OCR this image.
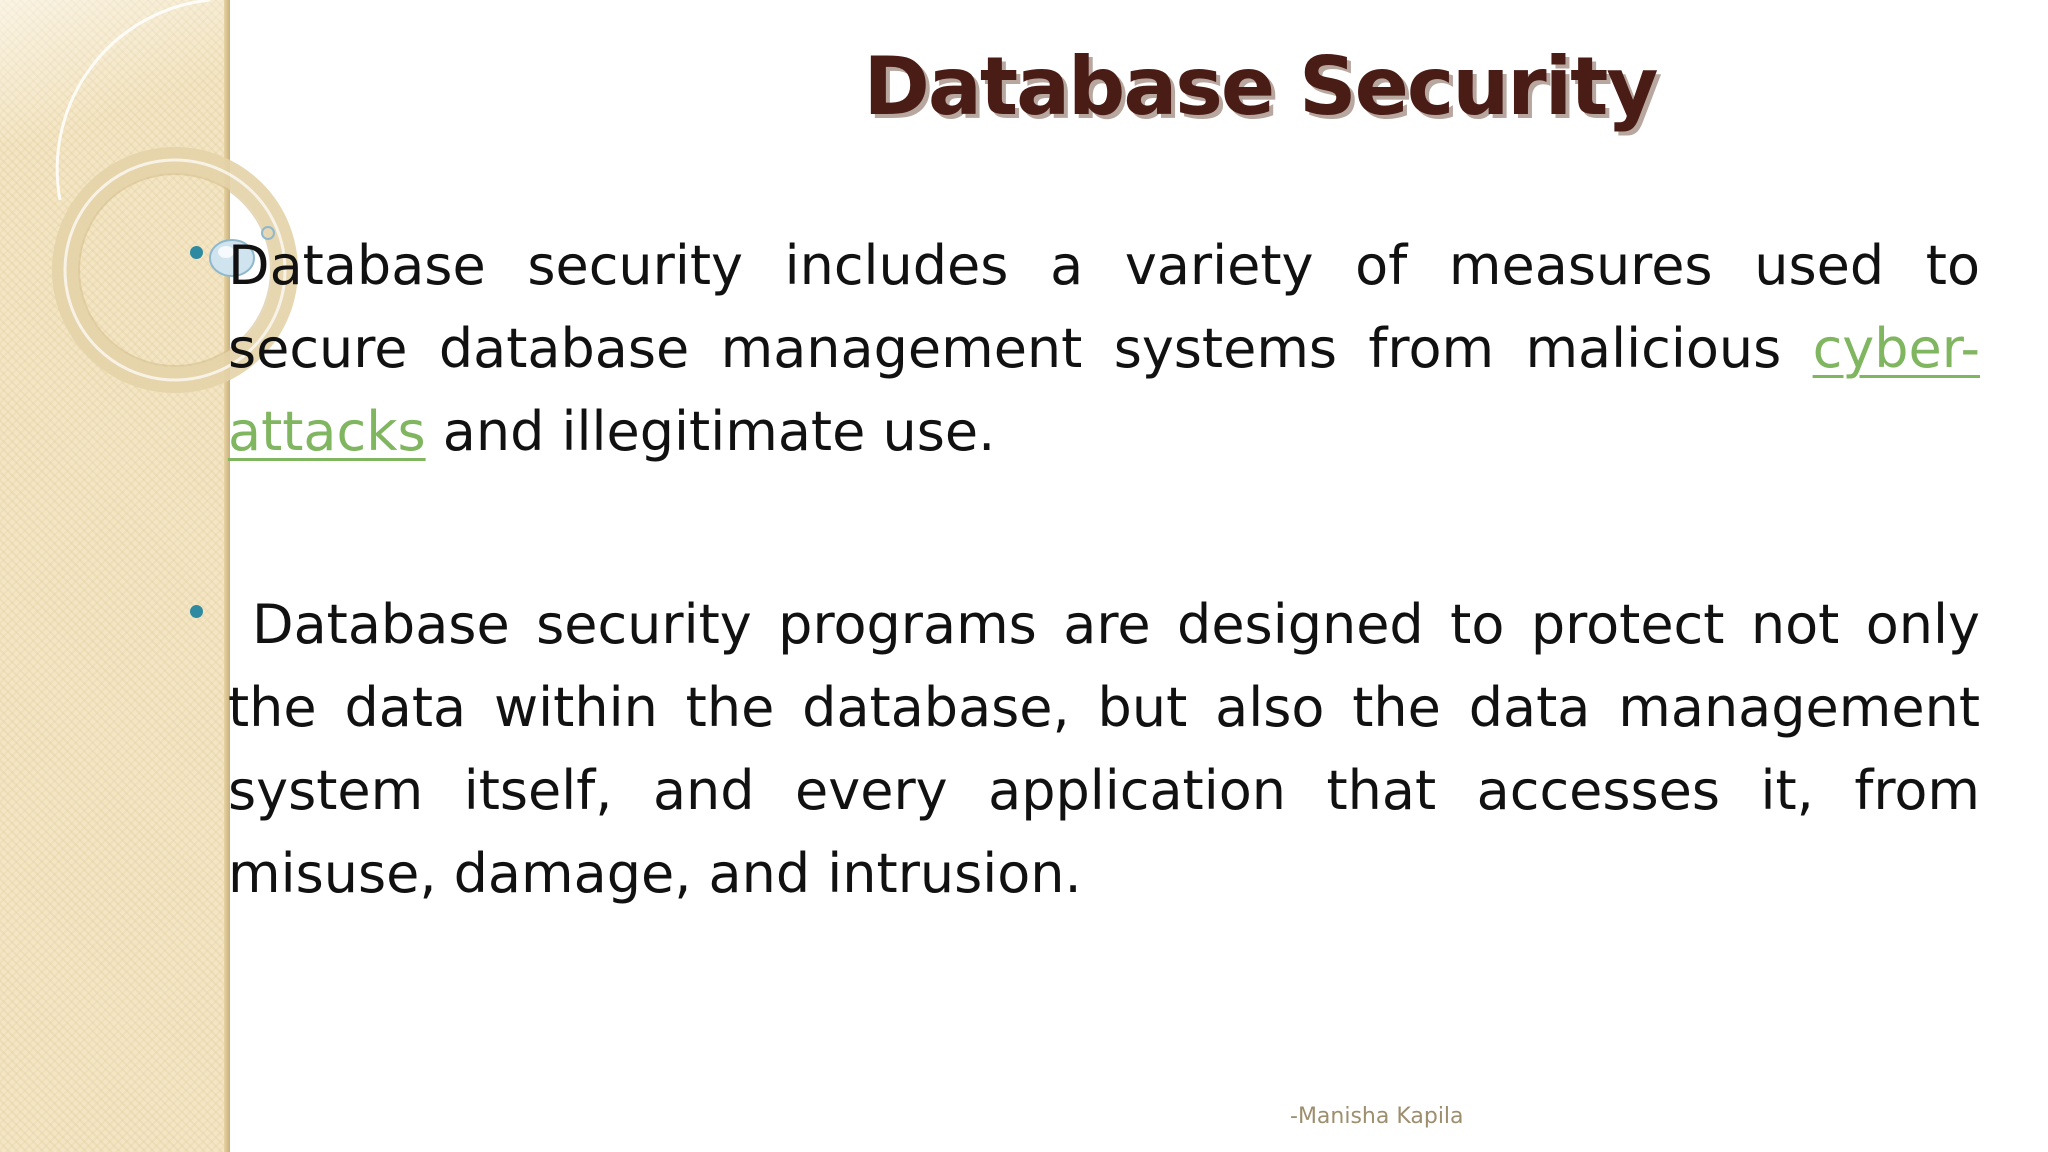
Database Security

Database security includes a variety of measures used to secure database management systems from malicious cyber-attacks and illegitimate use.

Database security programs are designed to protect not only the data within the database, but also the data management system itself, and every application that accesses it, from misuse, damage, and intrusion.

-Manisha Kapila
